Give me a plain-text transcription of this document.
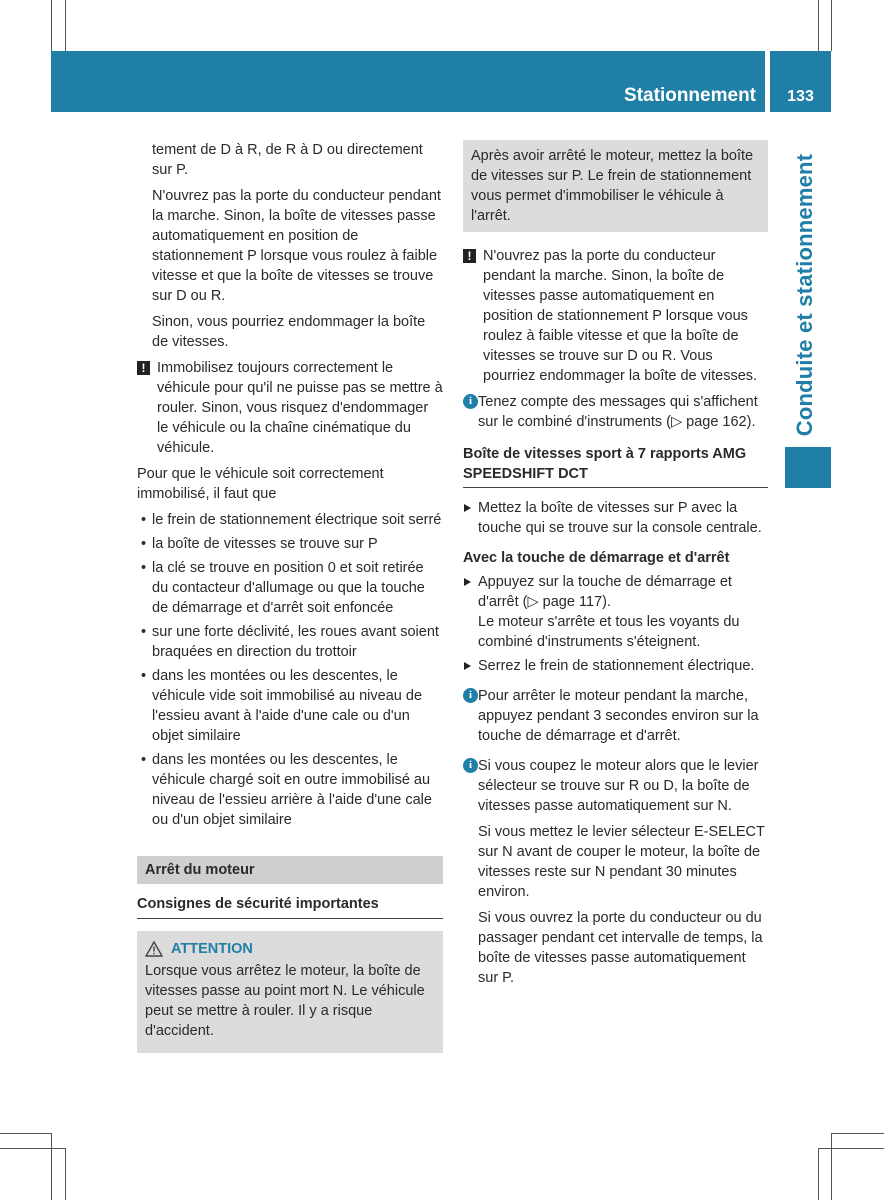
Stationnement	133
Conduite et stationnement

tement de D à R, de R à D ou directement sur P.

N'ouvrez pas la porte du conducteur pendant la marche. Sinon, la boîte de vitesses passe automatiquement en position de stationnement P lorsque vous roulez à faible vitesse et que la boîte de vitesses se trouve sur D ou R.

Sinon, vous pourriez endommager la boîte de vitesses.

! Immobilisez toujours correctement le véhicule pour qu'il ne puisse pas se mettre à rouler. Sinon, vous risquez d'endommager le véhicule ou la chaîne cinématique du véhicule.

Pour que le véhicule soit correctement immobilisé, il faut que

• le frein de stationnement électrique soit serré
• la boîte de vitesses se trouve sur P
• la clé se trouve en position 0 et soit retirée du contacteur d'allumage ou que la touche de démarrage et d'arrêt soit enfoncée
• sur une forte déclivité, les roues avant soient braquées en direction du trottoir
• dans les montées ou les descentes, le véhicule vide soit immobilisé au niveau de l'essieu avant à l'aide d'une cale ou d'un objet similaire
• dans les montées ou les descentes, le véhicule chargé soit en outre immobilisé au niveau de l'essieu arrière à l'aide d'une cale ou d'un objet similaire
Arrêt du moteur
Consignes de sécurité importantes
ATTENTION

Lorsque vous arrêtez le moteur, la boîte de vitesses passe au point mort N. Le véhicule peut se mettre à rouler. Il y a risque d'accident.

Après avoir arrêté le moteur, mettez la boîte de vitesses sur P. Le frein de stationnement vous permet d'immobiliser le véhicule à l'arrêt.

! N'ouvrez pas la porte du conducteur pendant la marche. Sinon, la boîte de vitesses passe automatiquement en position de stationnement P lorsque vous roulez à faible vitesse et que la boîte de vitesses se trouve sur D ou R. Vous pourriez endommager la boîte de vitesses.
i Tenez compte des messages qui s'affichent sur le combiné d'instruments (▷ page 162).
Boîte de vitesses sport à 7 rapports AMG SPEEDSHIFT DCT
Mettez la boîte de vitesses sur P avec la touche qui se trouve sur la console centrale.
Avec la touche de démarrage et d'arrêt
Appuyez sur la touche de démarrage et d'arrêt (▷ page 117).
Le moteur s'arrête et tous les voyants du combiné d'instruments s'éteignent.
Serrez le frein de stationnement électrique.
i Pour arrêter le moteur pendant la marche, appuyez pendant 3 secondes environ sur la touche de démarrage et d'arrêt.
i Si vous coupez le moteur alors que le levier sélecteur se trouve sur R ou D, la boîte de vitesses passe automatiquement sur N.

Si vous mettez le levier sélecteur E-SELECT sur N avant de couper le moteur, la boîte de vitesses reste sur N pendant 30 minutes environ.

Si vous ouvrez la porte du conducteur ou du passager pendant cet intervalle de temps, la boîte de vitesses passe automatiquement sur P.
